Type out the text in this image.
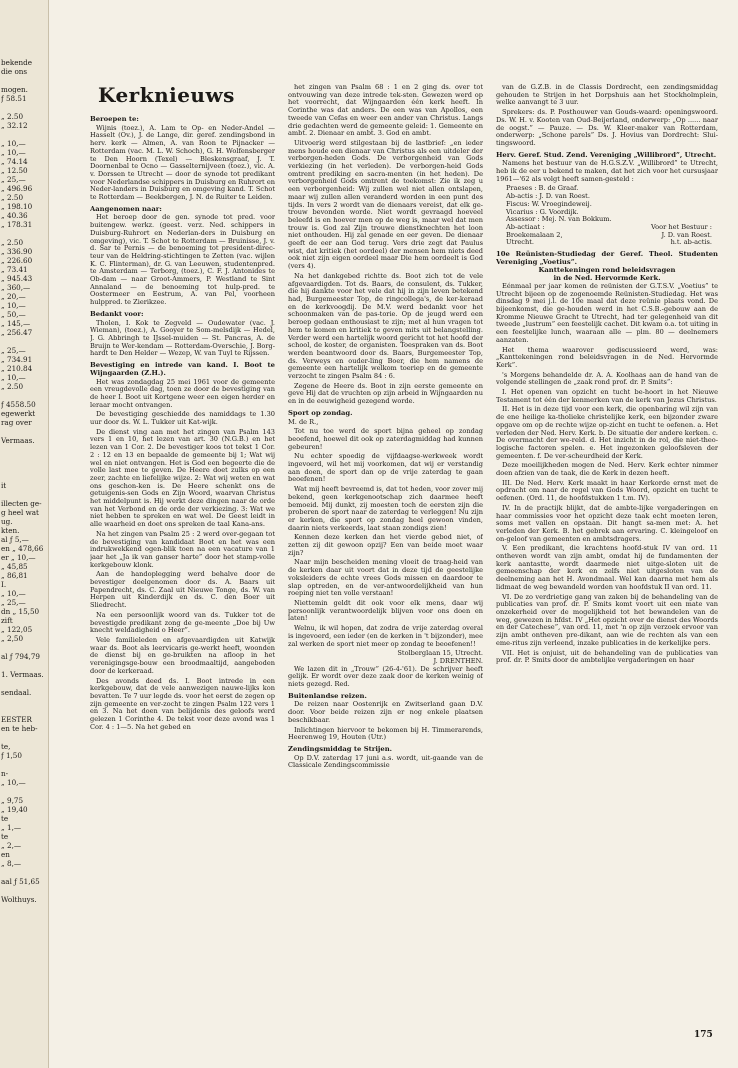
bekende
die ons

mogen.
ƒ 58.51

„ 2.50
„ 32.12

„ 10,—
„ 10,—
„ 74.14
„ 12.50
„ 25,—
„ 496.96
„ 2.50
„ 198.10
„ 40.36
„ 178.31

„ 2.50
„ 336.90
„ 226.60
„ 73.41
„ 945.43
„ 360,—
„ 20,—
„ 10,—
„ 50,—
„ 145,—
„ 256.47

„ 25,—
„ 734.91
„ 210.84
„ 10,—
„ 2.50

ƒ 4558.50
egewerkt
rag over

Vermaas.

it

illecten ge-
g heel wat
ug.
kten.
al ƒ 5,—
en „ 478,66
er „ 10,—
„ 45,85
„ 86,81
I.
„ 10,—
„ 25,—
dn „ 15,50
zift
„ 122,05
„ 2,50

al ƒ 794,79

1. Vermaas.

sendaal.

EESTER
en te heb-

te,
ƒ 1,50

n-
„ 10,—

„ 9,75
„ 19,40
te
„ 1,—
te
„ 2,—
en
„ 8,—

aal ƒ 51,65

Wolthuys.
Kerknieuws
Beroepen te:

Wijnis (toez.), A. Lam te Op- en Neder-Andel — Hasselt (Ov.), J. de Lange, dir. geref. zendingsbond in herv. kerk — Almen, A. van Roon te Pijnacker — Rotterdam (vac. M. L. W. Schoch), G. H. Wolfensberger te Den Hoorn (Texel) — Bleskensgraaf, J. T. Doornenbal te Ocno — Gasselternijveen (toez.), vic. A. v. Dorssen te Utrecht — door de synode tot predikant voor Nederlandse schippers in Duisburg en Ruhrort en Neder-landers in Duisburg en omgeving kand. T. Schot te Rotterdam — Beekbergen, J. N. de Ruiter te Leiden.

Aangenomen naar:

Het beroep door de gen. synode tot pred. voor buitengew. werkz. (geest. verz. Ned. schippers in Duisburg-Ruhrort en Nederlan-ders in Duisburg en omgeving), vic. T. Schot te Rotterdam — Bruinisse, J. v. d. Sar te Pernis — de benoeming tot president-direc-teur van de Heldring-stichtingen te Zetten (vac. wijlen K. C. Flinterman), dr. G. van Leeuwen, studentenpred. te Amsterdam — Terborg, (toez.), C. F. J. Antonides te Ob-dam — naar Groot-Ammers, P. Westland te Sint Annaland — de benoeming tot hulp-pred. te Oostermeer en Eestrum, A. van Pel, voorheen hulppred. te Zierikzee.

Bedankt voor:

Tholen, I. Kok te Zegveld — Oudewater (vac. J. Wieman), (toez.), A. Gooyer te Som-melsdijk — Hedel, J. G. Abbringh te IJssel-muiden — St. Pancras, A. de Bruijn te Wer-kendam — Rotterdam-Overschie, J. Borg-hardt te Den Helder — Wezep, W. van Tuyl te Rijssen.

Bevestiging en intrede van kand. I. Boot te Wijngaarden (Z.H.).

Het was zondagdag 25 mei 1961 voor de gemeente een vreugdevolle dag, toen ze door de bevestiging van de heer I. Boot uit Kortgene weer een eigen herder en leraar mocht ontvangen.

De bevestiging geschiedde des namiddags te 1.30 uur door ds. W. L. Tukker uit Kat-wijk.

De dienst ving aan met het zingen van Psalm 143 vers 1 en 10, het lezen van art. 30 (N.G.B.) en het lezen van 1 Cor. 2. De bevestiger koos tot tekst 1 Cor. 2 : 12 en 13 en bepaalde de gemeente bij 1; Wat wij wel en niet ontvangen. Het is God een begeerte die de volle last mee te geven. De Heere doet zulks op een zeer, zachte en liefelijke wijze. 2: Wat wij weten en wat ons geschon-ken is. De Heere schenkt ons de getuigenis-sen Gods en Zijn Woord, waarvan Christus het middelpunt is. Hij werkt deze dingen naar de orde van het Verbond en de orde der verkiezing. 3: Wat we niet hebben te spreken en wat wel. De Geest leidt in alle waarheid en doet ons spreken de taal Kana-ans.

Na het zingen van Psalm 25 : 2 werd over-gegaan tot de bevestiging van kandidaat Boot en het was een indrukwekkend ogen-blik toen na een vacature van 1 jaar het „Ja ik van ganser harte” door het stamp-volle kerkgebouw klonk.

Aan de handoplegging werd behalve door de bevestiger deelgenomen door ds. A. Baars uit Papendrecht, ds. C. Zaal uit Nieuwe Tonge, ds. W. van Herpen uit Kinderdijk en ds. C. den Boer uit Sliedrecht.

Na een persoonlijk woord van ds. Tukker tot de bevestigde predikant zong de ge-meente „Doe bij Uw knecht weldadigheid o Heer”.

Vele familieleden en afgevaardigden uit Katwijk waar ds. Boot als leervicaris ge-werkt heeft, woonden de dienst bij en ge-bruikten na afloop in het verenigingsge-bouw een broodmaaltijd, aangeboden door de kerkeraad.

Des avonds deed ds. I. Boot intrede in een kerkgebouw, dat de vele aanwezigen nauwe-lijks kon bevatten. Te 7 uur legde ds. voor het eerst de zegen op zijn gemeente en ver-zocht te zingen Psalm 122 vers 1 en 3. Na het doen van belijdenis des geloofs werd gelezen 1 Corinthe 4. De tekst voor deze avond was 1 Cor. 4 : 1—5. Na het gebed en

het zingen van Psalm 68 : 1 en 2 ging ds. over tot ontvouwing van deze intrede tek-sten. Gewezen werd op het voorrecht, dat Wijngaarden één kerk heeft. In Corinthe was dat anders. De een was van Apollos, een tweede van Cefas en weer een ander van Christus. Langs drie gedachten werd de gemeente geleid: 1. Gemeente en ambt. 2. Dienaar en ambt. 3. God en ambt.

Uitvoerig werd stilgestaan bij de lastbrief: „en ieder mens houde een dienaar van Christus als een uitdeler der verborgen-heden Gods. De verborgenheid van Gods verkiezing (in het verleden). De verborgen-heid Gods omtrent prediking en sacra-menten (in het heden). De verborgenheid Gods omtrent de toekomst: Zie ik zeg u een verborgenheid: Wij zullen wel niet allen ontslapen, maar wij zullen allen veranderd worden in een punt des tijds. In vers 2 wordt van de dienaars vereist, dat elk ge-trouw bevonden worde. Niet wordt gevraagd hoeveel beleefd is en hoever men op de weg is, maar wel dat men trouw is. God zal Zijn trouwe dienstknechten het loon niet onthouden. Hij zal genade en eer geven. De dienaar geeft de eer aan God terug. Vers drie zegt dat Paulus wist, dat kritiek (het oordeel) der mensen hem niets deed ook niet zijn eigen oordeel maar Die hem oordeelt is God (vers 4).

Na het dankgebed richtte ds. Boot zich tot de vele afgevaardigden. Tot ds. Baars, de consulent, ds. Tukker, die hij dankte voor het vele dat hij in zijn leven betekend had, Burgemeester Top, de ringcollega's, de ker-keraad en de kerkvoogdij. De M.V. werd bedankt voor het schoonmaken van de pas-torie. Op de jeugd werd een beroep gedaan enthousiast te zijn; met al hun vragen tot hem te komen en kritiek te geven mits uit belangstelling. Verder werd een hartelijk woord gericht tot het hoofd der school, de koster, de organisten. Toespraken van ds. Boot werden beantwoord door ds. Baars, Burgemeester Top, ds. Verweys en ouder-ling Boer, die hem namens de gemeente een hartelijk welkom toeriep en de gemeente verzocht te zingen Psalm 84 : 6.

Zegene de Heere ds. Boot in zijn eerste gemeente en geve Hij dat de vruchten op zijn arbeid in Wijngaarden nu en in de eeuwigheid gezegend worde.

Sport op zondag.

M. de R.,

Tot nu toe werd de sport bijna geheel op zondag beoefend, hoewel dit ook op zaterdagmiddag had kunnen gebeuren!

Nu echter spoedig de vijfdaagse-werkweek wordt ingevoerd, wil het mij voorkomen, dat wij er verstandig aan doen, de sport dan op de vrije zaterdag te gaan beoefenen!

Wat mij heeft bevreemd is, dat tot heden, voor zover mij bekend, geen kerkgenootschap zich daarmee heeft bemoeid. Mij dunkt, zij moesten toch de eersten zijn die proberen de sport naar de zaterdag te verleggen! Nu zijn er kerken, die sport op zondag heel gewoon vinden, daarin niets verkeerds, laat staan zondigs zien!

Kennen deze kerken dan het vierde gebod niet, of zetten zij dit gewoon opzij? Een van beide moet waar zijn?

Naar mijn bescheiden mening vloeit de traag-heid van de kerken daar uit voort dat in deze tijd de geestelijke voksleiders de echte vrees Gods missen en daardoor te slap optreden, en de ver-antwoordelijkheid van hun roeping niet ten volle verstaan!

Niettemin geldt dit ook voor elk mens, daar wij persoonlijk verantwoordelijk blijven voor ons doen en laten!

Welnu, ik wil hopen, dat zodra de vrije zaterdag overal is ingevoerd, een ieder (en de kerken in 't bijzonder), mee zal werken de sport niet meer op zondag te beoefenen!!

Stolberglaan 15, Utrecht.
J. DRENTHEN.

We lazen dit in „Trouw” (26-4-'61). De schrijver heeft gelijk. Er wordt over deze zaak door de kerken weinig of niets gezegd. Red.

Buitenlandse reizen.

De reizen naar Oostenrijk en Zwitserland gaan D.V. door. Voor beide reizen zijn er nog enkele plaatsen beschikbaar.

Inlichtingen hiervoor te bekomen bij H. Timmerarends, Heerenweg 19, Houten (Utr.)

Zendingsmiddag te Strijen.

Op D.V. zaterdag 17 juni a.s. wordt, uit-gaande van de Classicale Zendingscommissie

van de G.Z.B. in de Classis Dordrecht, een zendingsmiddag gehouden te Strijen in het Dorpshuis aan het Stockholmplein, welke aanvangt te 3 uur.

Sprekers: ds. P. Posthouwer van Gouds-waard: openingswoord. Ds. W. H. v. Kooten van Oud-Beijerland, onderwerp: „Op ...... naar de oogst.” — Pauze. — Ds. W. Kleer-maker van Rotterdam, onderwerp: „Schone parels” Ds. J. Hovius van Dordrecht: Slui-tingswoord.

Herv. Geref. Stud. Zend. Vereniging „Willibrord”, Utrecht.

Namens het bestuur van de H.G.S.Z.V. „Willibrord” te Utrecht, heb ik de eer u bekend te maken, dat het zich voor het cursusjaar 1961—'62 als volgt heeft samen-gesteld :

Praeses : B. de Graaf.
Ab-actis : J. D. van Roest.
Fiscus: W. Vroegindeweij.
Vicarius : G. Voordijk.
Assessor : Mej. N. van Bokkum.
Ab-actiaat :	Voor het Bestuur :
Broekemalaan 2,	J. D. van Roest.
Utrecht.	h.t. ab-actis.
10e Reünisten-Studiedag der Geref. Theol. Studenten Vereniging „Voetius”.
Kanttekeningen rond beleidsvragen
in de Ned. Hervormde Kerk.

Eénmaal per jaar komen de reünisten der G.T.S.V. „Voetius” te Utrecht bijeen op de zogenoemde Reünisten-Studiedag. Het was dinsdag 9 mei j.l. de 10e maal dat deze reünie plaats vond. De bijeenkomst, die ge-houden werd in het C.S.B.-gebouw aan de Kromme Nieuwe Gracht te Utrecht, had ter gelegenheid van dit tweede „lustrum” een feestelijk cachet. Dit kwam o.a. tot uiting in een feestelijke lunch, waaraan alle — plm. 80 — deelnemers aanzaten.

Het thema waarover gediscussieerd werd, was: „Kanttekeningen rond beleidsvragen in de Ned. Hervormde Kerk”.

's Morgens behandelde dr. A. A. Koolhaas aan de hand van de volgende stellingen de „zaak rond prof. dr. P. Smits”:

I. Het openen van opzicht en tucht be-hoort in het Nieuwe Testament tot één der kenmerken van de kerk van Jezus Christus.

II. Het is in deze tijd voor een kerk, die openbaring wil zijn van de ene heilige ka-tholieke christelijke kerk, een bijzonder zware opgave om op de rechte wijze op-zicht en tucht te oefenen. a. Het verleden der Ned. Herv. Kerk. b. De situatie der andere kerken. c. De overmacht der we-reld. d. Het inzicht in de rol, die niet-theo-logische factoren spelen. e. Het ingezonken geloofsleven der gemeenten. f. De ver-scheurdheid der Kerk.

Deze moeilijkheden mogen de Ned. Herv. Kerk echter nimmer doen afzien van de taak, die de Kerk in dezen heeft.

III. De Ned. Herv. Kerk maakt in haar Kerkorde ernst met de opdracht om naar de regel van Gods Woord, opzicht en tucht te oefenen. (Ord. 11, de hoofdstukken 1 t.m. IV).

IV. In de practijk blijkt, dat de ambte-lijke vergaderingen en haar commissies voor het opzicht deze taak echt moeten leren, soms met vallen en opstaan. Dit hangt sa-men met: A. het verleden der Kerk. B. het gebrek aan ervaring. C. kleingeloof en on-geloof van gemeenten en ambtsdragers.

V. Een predikant, die krachtens hoofd-stuk IV van ord. 11 ontheven wordt van zijn ambt, omdat hij de fundamenten der kerk aantastte, wordt daarmede niet uitge-sloten uit de gemeenschap der kerk en zelfs niet uitgesloten van de deelneming aan het H. Avondmaal. Wel kan daarna met hem als lidmaat de weg bewandeld worden van hoofdstuk II van ord. 11.

VI. De zo verdrietige gang van zaken bij de behandeling van de publicaties van prof. dr. P. Smits komt voort uit een mate van onzekerheid over de mogelijkheid tot het bewandelen van de weg, gewezen in hfdst. IV „Het opzicht over de dienst des Woords en der Catechese”, van ord. 11, met 'n op zijn verzoek ervoor van zijn ambt ontheven pre-dikant, aan wie de rechten als van een eme-ritus zijn verleend, inzake publicaties in de kerkelijke pers.

VII. Het is onjuist, uit de behandeling van de publicaties van prof. dr. P. Smits door de ambtelijke vergaderingen en haar

175
